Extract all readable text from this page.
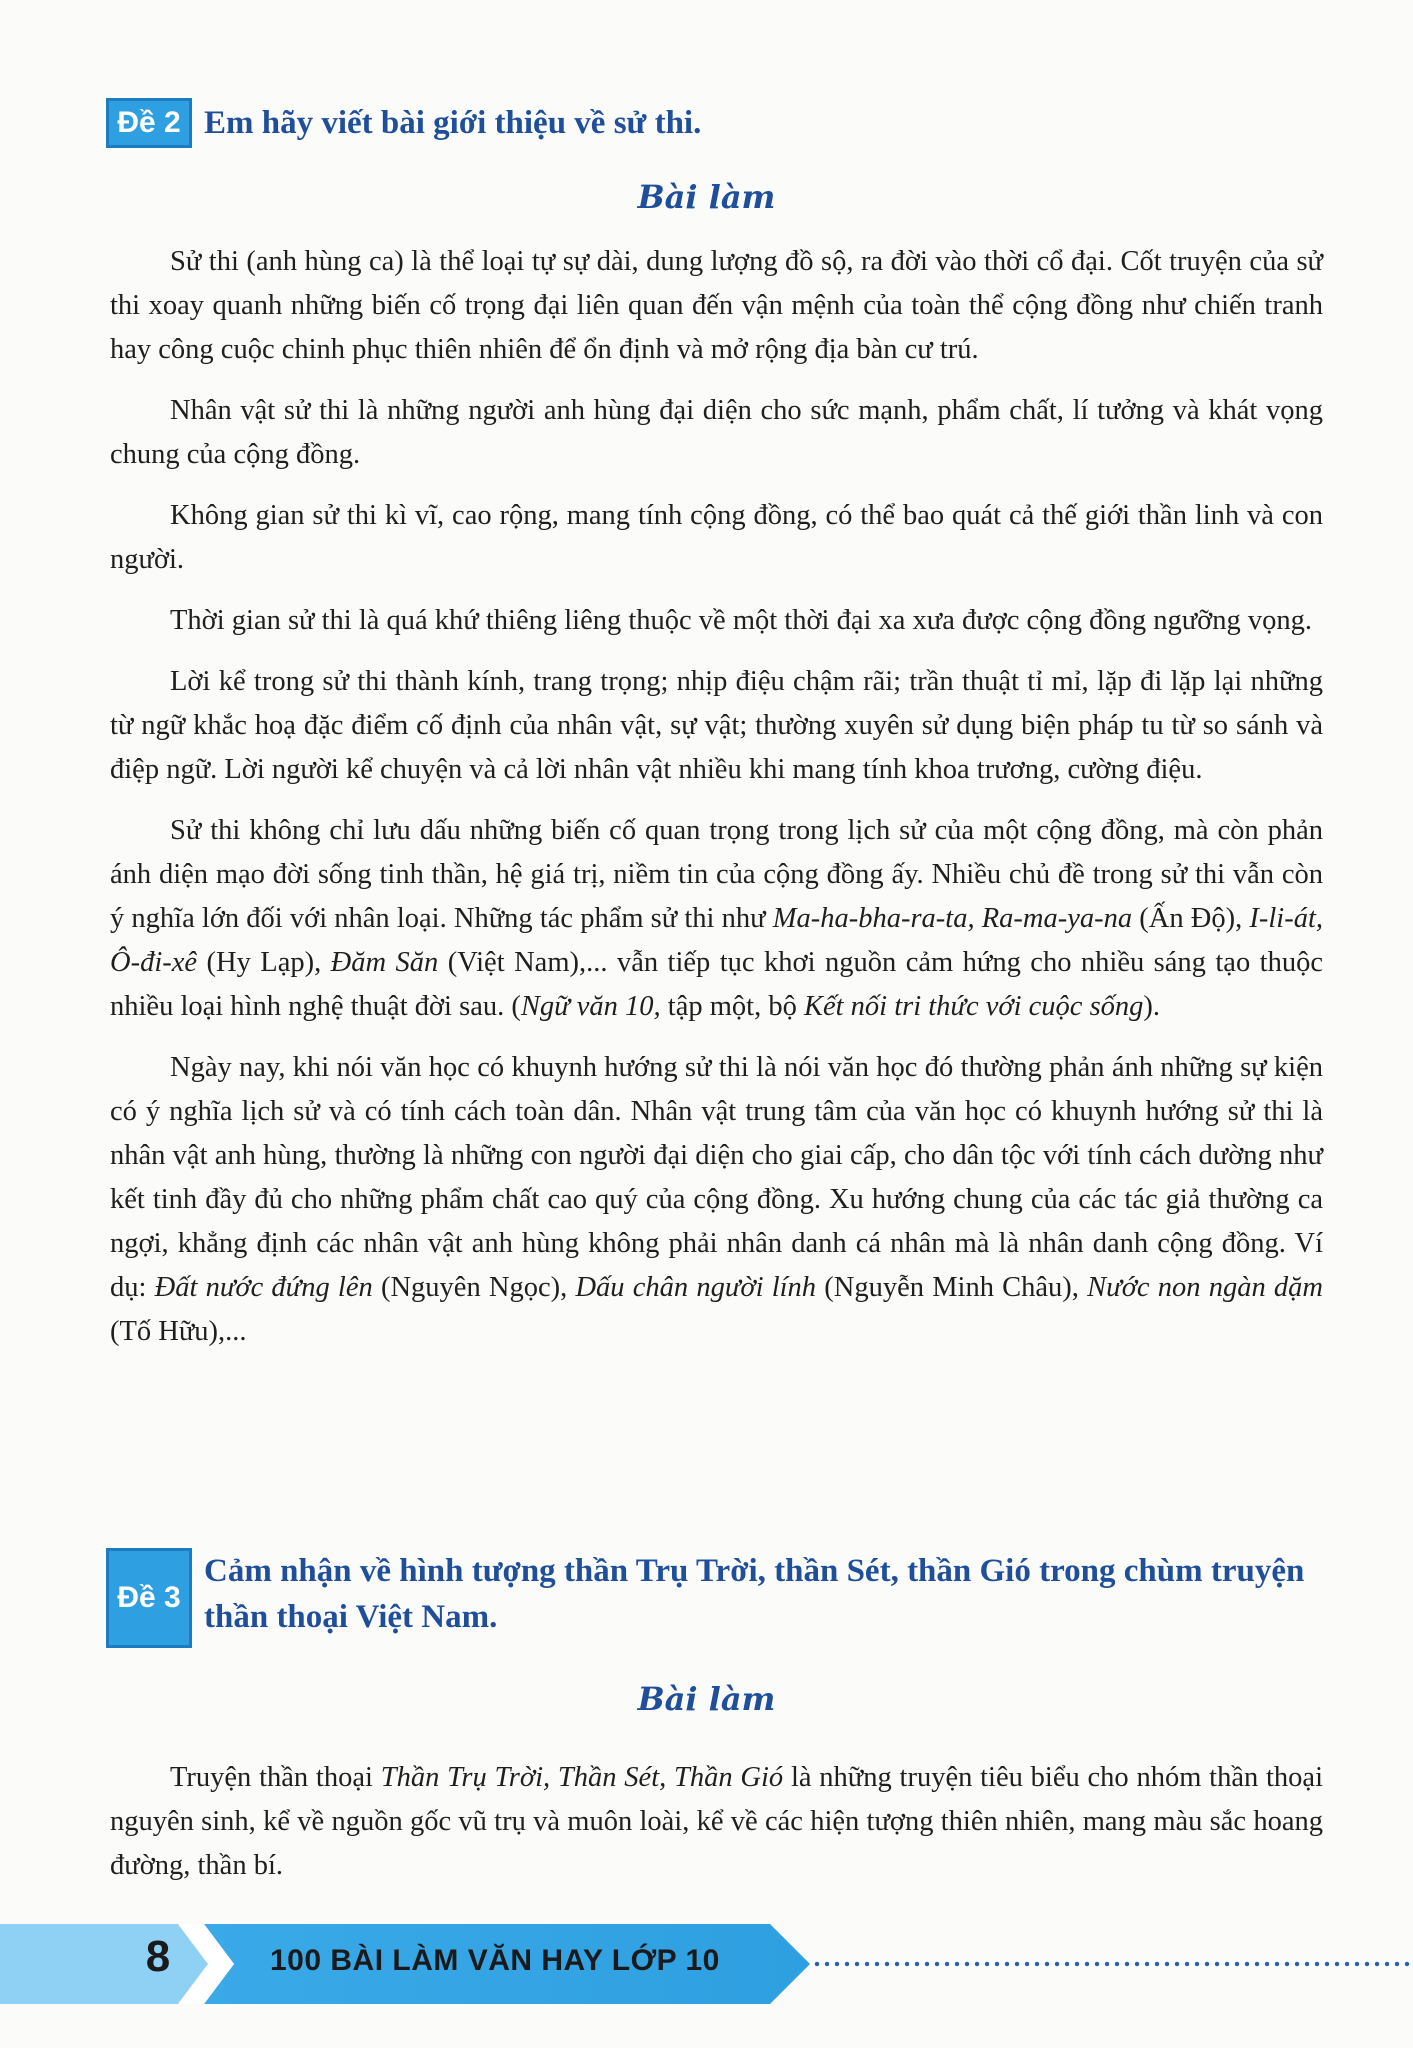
Đề 2 Em hãy viết bài giới thiệu về sử thi.
Bài làm

Sử thi (anh hùng ca) là thể loại tự sự dài, dung lượng đồ sộ, ra đời vào thời cổ đại. Cốt truyện của sử thi xoay quanh những biến cố trọng đại liên quan đến vận mệnh của toàn thể cộng đồng như chiến tranh hay công cuộc chinh phục thiên nhiên để ổn định và mở rộng địa bàn cư trú.

Nhân vật sử thi là những người anh hùng đại diện cho sức mạnh, phẩm chất, lí tưởng và khát vọng chung của cộng đồng.

Không gian sử thi kì vĩ, cao rộng, mang tính cộng đồng, có thể bao quát cả thế giới thần linh và con người.

Thời gian sử thi là quá khứ thiêng liêng thuộc về một thời đại xa xưa được cộng đồng ngưỡng vọng.

Lời kể trong sử thi thành kính, trang trọng; nhịp điệu chậm rãi; trần thuật tỉ mỉ, lặp đi lặp lại những từ ngữ khắc hoạ đặc điểm cố định của nhân vật, sự vật; thường xuyên sử dụng biện pháp tu từ so sánh và điệp ngữ. Lời người kể chuyện và cả lời nhân vật nhiều khi mang tính khoa trương, cường điệu.

Sử thi không chỉ lưu dấu những biến cố quan trọng trong lịch sử của một cộng đồng, mà còn phản ánh diện mạo đời sống tinh thần, hệ giá trị, niềm tin của cộng đồng ấy. Nhiều chủ đề trong sử thi vẫn còn ý nghĩa lớn đối với nhân loại. Những tác phẩm sử thi như Ma-ha-bha-ra-ta, Ra-ma-ya-na (Ấn Độ), I-li-át, Ô-đi-xê (Hy Lạp), Đăm Săn (Việt Nam),... vẫn tiếp tục khơi nguồn cảm hứng cho nhiều sáng tạo thuộc nhiều loại hình nghệ thuật đời sau. (Ngữ văn 10, tập một, bộ Kết nối tri thức với cuộc sống).

Ngày nay, khi nói văn học có khuynh hướng sử thi là nói văn học đó thường phản ánh những sự kiện có ý nghĩa lịch sử và có tính cách toàn dân. Nhân vật trung tâm của văn học có khuynh hướng sử thi là nhân vật anh hùng, thường là những con người đại diện cho giai cấp, cho dân tộc với tính cách dường như kết tinh đầy đủ cho những phẩm chất cao quý của cộng đồng. Xu hướng chung của các tác giả thường ca ngợi, khẳng định các nhân vật anh hùng không phải nhân danh cá nhân mà là nhân danh cộng đồng. Ví dụ: Đất nước đứng lên (Nguyên Ngọc), Dấu chân người lính (Nguyễn Minh Châu), Nước non ngàn dặm (Tố Hữu),...

Đề 3
Cảm nhận về hình tượng thần Trụ Trời, thần Sét, thần Gió trong chùm truyện thần thoại Việt Nam.
Bài làm

Truyện thần thoại Thần Trụ Trời, Thần Sét, Thần Gió là những truyện tiêu biểu cho nhóm thần thoại nguyên sinh, kể về nguồn gốc vũ trụ và muôn loài, kể về các hiện tượng thiên nhiên, mang màu sắc hoang đường, thần bí.

8	100 BÀI LÀM VĂN HAY LỚP 10
